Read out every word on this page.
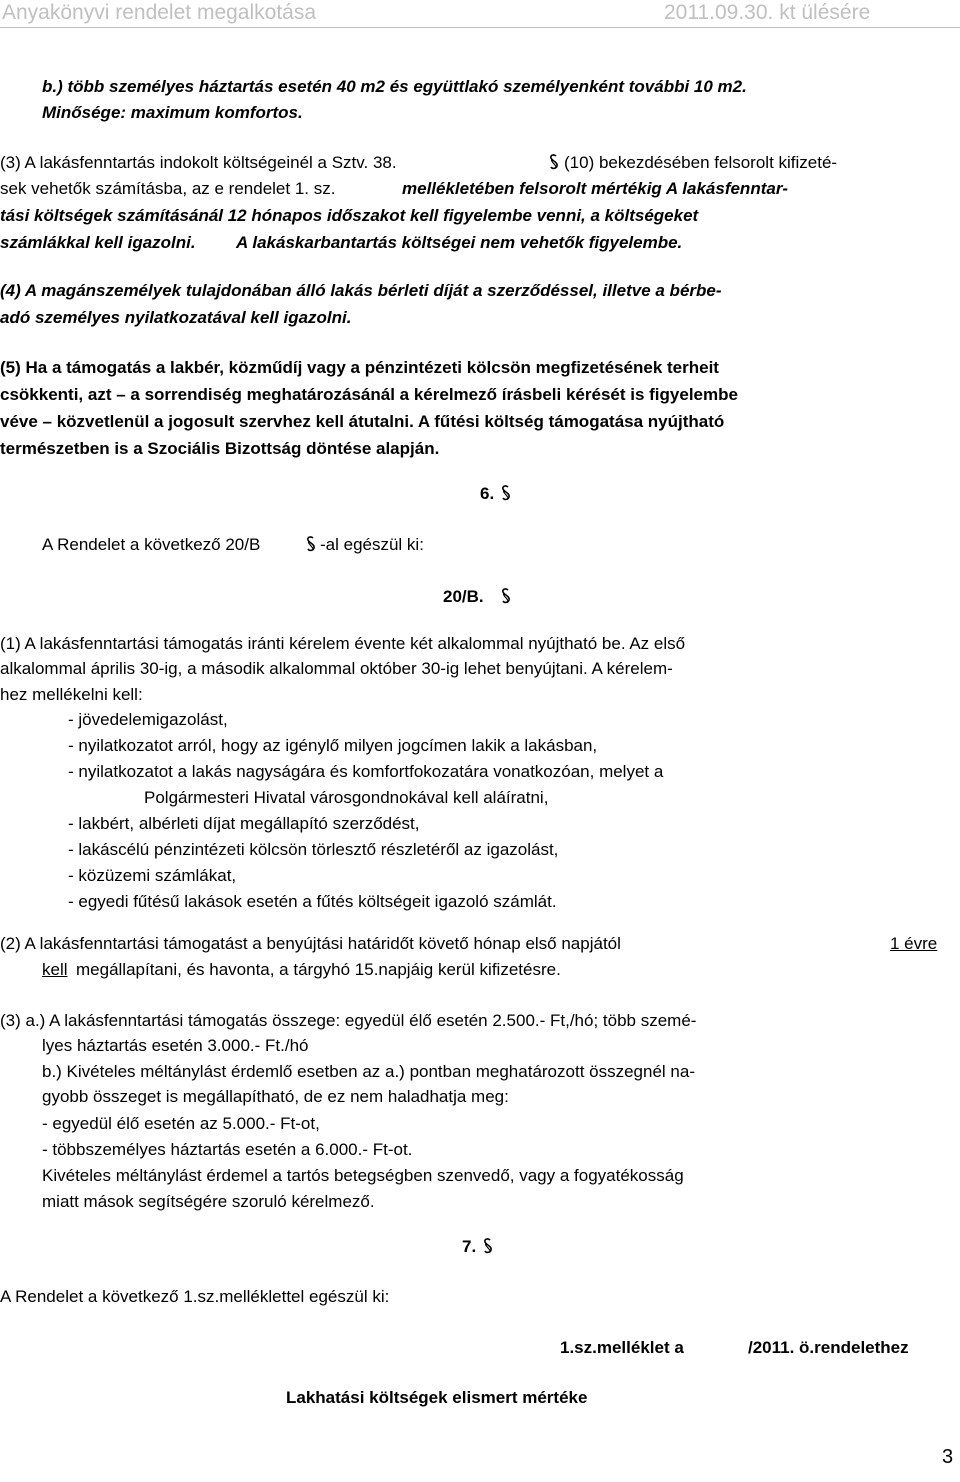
Anyakönyvi rendelet megalkotása	2011.09.30. kt ülésére
b.) több személyes háztartás esetén 40 m2 és együttlakó személyenként további 10 m2.
Minősége: maximum komfortos.
(3) A lakásfenntartás indokolt költségeinél a Sztv. 38.	(10) bekezdésében felsorolt kifizeté-
sek vehetők számításba, az e rendelet 1. sz.	mellékletében felsorolt mértékig A lakásfenntar-
tási költségek számításánál 12 hónapos időszakot kell figyelembe venni, a költségeket
számlákkal kell igazolni. A lakáskarbantartás költségei nem vehetők figyelembe.
(4) A magánszemélyek tulajdonában álló lakás bérleti díját a szerződéssel, illetve a bérbe-
adó személyes nyilatkozatával kell igazolni.
(5) Ha a támogatás a lakbér, közműdíj vagy a pénzintézeti kölcsön megfizetésének terheit
csökkenti, azt – a sorrendiség meghatározásánál a kérelmező írásbeli kérését is figyelembe
véve – közvetlenül a jogosult szervhez kell átutalni. A fűtési költség támogatása nyújtható
természetben is a Szociális Bizottság döntése alapján.
6.
A Rendelet a következő 20/B	-al egészül ki:
20/B.
(1) A lakásfenntartási támogatás iránti kérelem évente két alkalommal nyújtható be. Az első
alkalommal április 30-ig, a második alkalommal október 30-ig lehet benyújtani. A kérelem-
hez mellékelni kell:
- jövedelemigazolást,
- nyilatkozatot arról, hogy az igénylő milyen jogcímen lakik a lakásban,
- nyilatkozatot a lakás nagyságára és komfortfokozatára vonatkozóan, melyet a
Polgármesteri Hivatal városgondnokával kell aláíratni,
- lakbért, albérleti díjat megállapító szerződést,
- lakáscélú pénzintézeti kölcsön törlesztő részletéről az igazolást,
- közüzemi számlákat,
- egyedi fűtésű lakások esetén a fűtés költségeit igazoló számlát.
(2) A lakásfenntartási támogatást a benyújtási határidőt követő hónap első napjától	1 évre
kell megállapítani, és havonta, a tárgyhó 15.napjáig kerül kifizetésre.
(3) a.) A lakásfenntartási támogatás összege: egyedül élő esetén 2.500.- Ft,/hó; több szemé-
lyes háztartás esetén 3.000.- Ft./hó
b.) Kivételes méltánylást érdemlő esetben az a.) pontban meghatározott összegnél na-
gyobb összeget is megállapítható, de ez nem haladhatja meg:
- egyedül élő esetén az 5.000.- Ft-ot,
- többszemélyes háztartás esetén a 6.000.- Ft-ot.
Kivételes méltánylást érdemel a tartós betegségben szenvedő, vagy a fogyatékosság
miatt mások segítségére szoruló kérelmező.
7.
A Rendelet a következő 1.sz.melléklettel egészül ki:
1.sz.melléklet a	/2011. ö.rendelethez
Lakhatási költségek elismert mértéke
3
